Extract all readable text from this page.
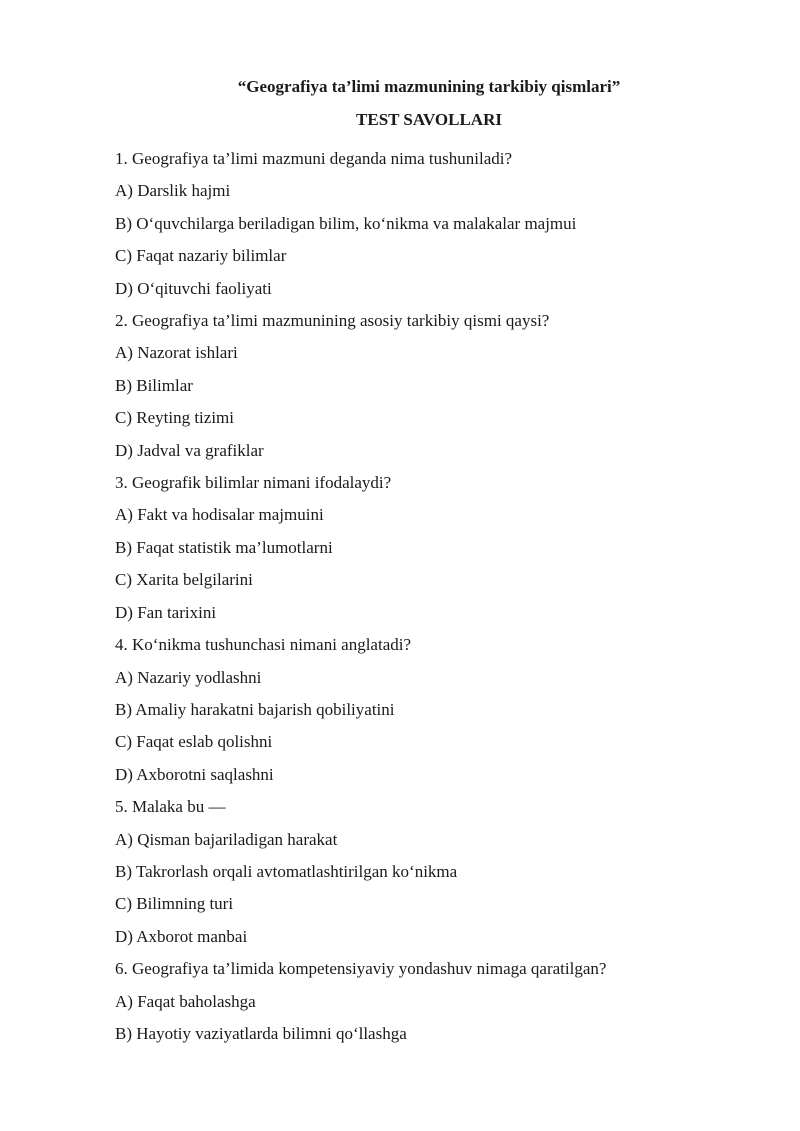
“Geografiya ta’limi mazmunining tarkibiy qismlari”

TEST SAVOLLARI

1. Geografiya ta’limi mazmuni deganda nima tushuniladi?

A) Darslik hajmi

B) O‘quvchilarga beriladigan bilim, ko‘nikma va malakalar majmui

C) Faqat nazariy bilimlar

D) O‘qituvchi faoliyati

2. Geografiya ta’limi mazmunining asosiy tarkibiy qismi qaysi?

A) Nazorat ishlari

B) Bilimlar

C) Reyting tizimi

D) Jadval va grafiklar

3. Geografik bilimlar nimani ifodalaydi?

A) Fakt va hodisalar majmuini

B) Faqat statistik ma’lumotlarni

C) Xarita belgilarini

D) Fan tarixini

4. Ko‘nikma tushunchasi nimani anglatadi?

A) Nazariy yodlashni

B) Amaliy harakatni bajarish qobiliyatini

C) Faqat eslab qolishni

D) Axborotni saqlashni

5. Malaka bu —

A) Qisman bajariladigan harakat

B) Takrorlash orqali avtomatlashtirilgan ko‘nikma

C) Bilimning turi

D) Axborot manbai

6. Geografiya ta’limida kompetensiyaviy yondashuv nimaga qaratilgan?

A) Faqat baholashga

B) Hayotiy vaziyatlarda bilimni qo‘llashga
